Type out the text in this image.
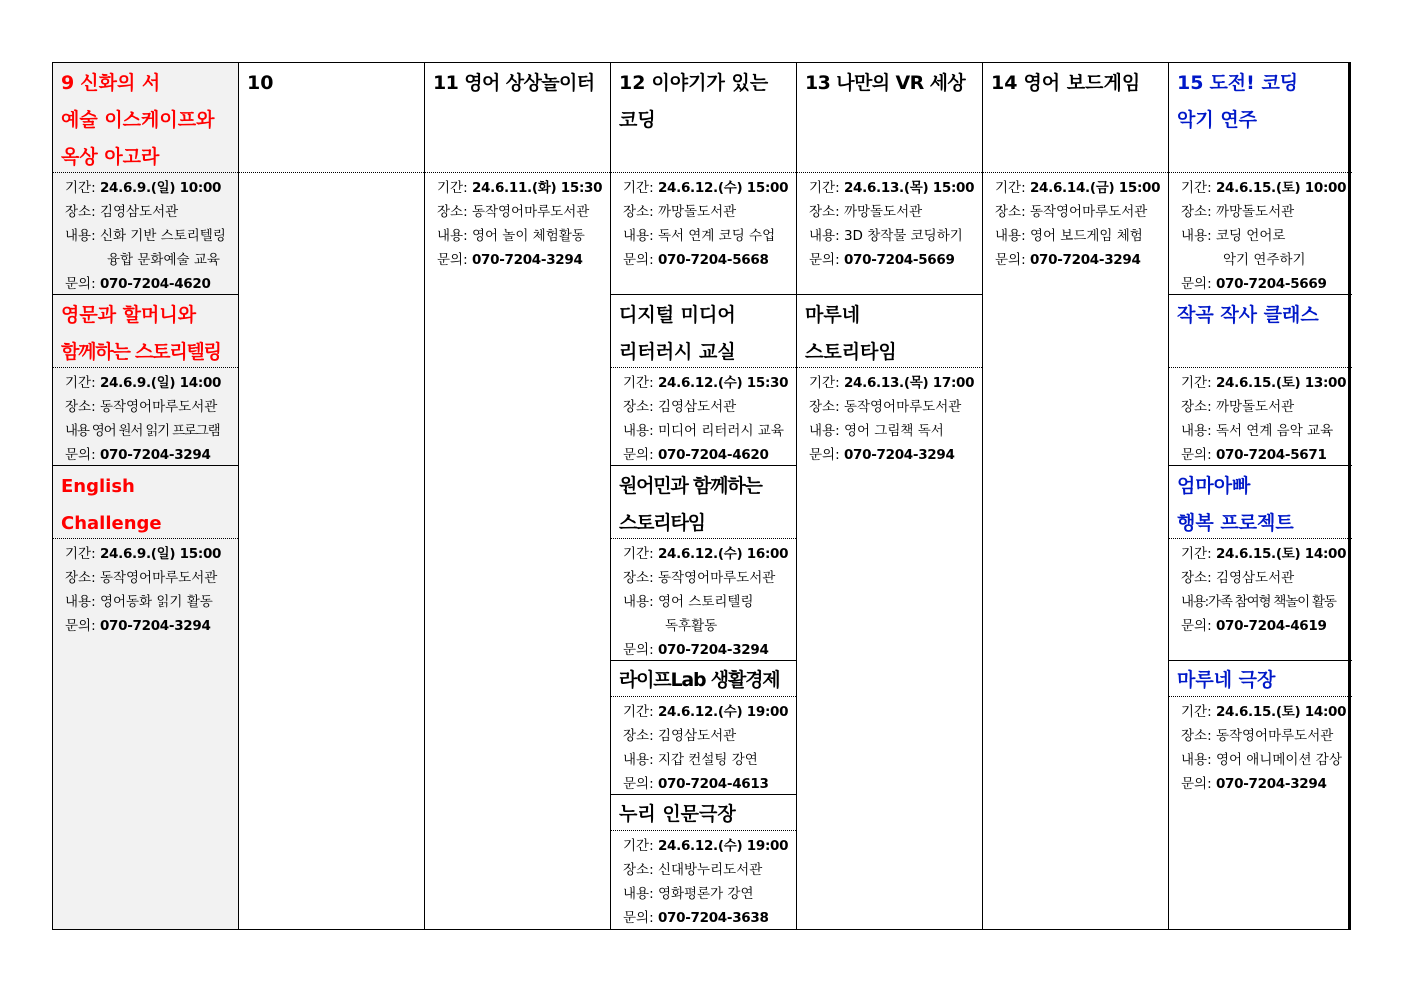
9 신화의 서
예술 이스케이프와
옥상 아고라
기간: 24.6.9.(일) 10:00
장소: 김영삼도서관
내용: 신화 기반 스토리텔링
융합 문화예술 교육
문의: 070-7204-4620
영문과 할머니와
함께하는 스토리텔링
기간: 24.6.9.(일) 14:00
장소: 동작영어마루도서관
내용 영어 원서 읽기 프로그램
문의: 070-7204-3294
English Challenge

기간: 24.6.9.(일) 15:00
장소: 동작영어마루도서관
내용: 영어동화 읽기 활동
문의: 070-7204-3294
10	11 영어 상상놀이터
기간: 24.6.11.(화) 15:30
장소: 동작영어마루도서관
내용: 영어 놀이 체험활동
문의: 070-7204-3294
12 이야기가 있는
코딩
기간: 24.6.12.(수) 15:00
장소: 까망돌도서관
내용: 독서 연계 코딩 수업
문의: 070-7204-5668
디지털 미디어
리터러시 교실
기간: 24.6.12.(수) 15:30
장소: 김영삼도서관
내용: 미디어 리터러시 교육
문의: 070-7204-4620
원어민과 함께하는
스토리타임
기간: 24.6.12.(수) 16:00
장소: 동작영어마루도서관
내용: 영어 스토리텔링
독후활동
문의: 070-7204-3294
라이프Lab 생활경제
기간: 24.6.12.(수) 19:00
장소: 김영삼도서관
내용: 지갑 컨설팅 강연
문의: 070-7204-4613
누리 인문극장
기간: 24.6.12.(수) 19:00
장소: 신대방누리도서관
내용: 영화평론가 강연
문의: 070-7204-3638
13 나만의 VR 세상
기간: 24.6.13.(목) 15:00
장소: 까망돌도서관
내용: 3D 창작물 코딩하기
문의: 070-7204-5669
마루네
스토리타임
기간: 24.6.13.(목) 17:00
장소: 동작영어마루도서관
내용: 영어 그림책 독서
문의: 070-7204-3294
14 영어 보드게임
기간: 24.6.14.(금) 15:00
장소: 동작영어마루도서관
내용: 영어 보드게임 체험
문의: 070-7204-3294
15 도전! 코딩
악기 연주
기간: 24.6.15.(토) 10:00
장소: 까망돌도서관
내용: 코딩 언어로
악기 연주하기
문의: 070-7204-5669
작곡 작사 클래스
기간: 24.6.15.(토) 13:00
장소: 까망돌도서관
내용: 독서 연계 음악 교육
문의: 070-7204-5671
엄마아빠
행복 프로젝트
기간: 24.6.15.(토) 14:00
장소: 김영삼도서관
내용:가족 참여형 책놀이 활동
문의: 070-7204-4619
마루네 극장
기간: 24.6.15.(토) 14:00
장소: 동작영어마루도서관
내용: 영어 애니메이션 감상
문의: 070-7204-3294
